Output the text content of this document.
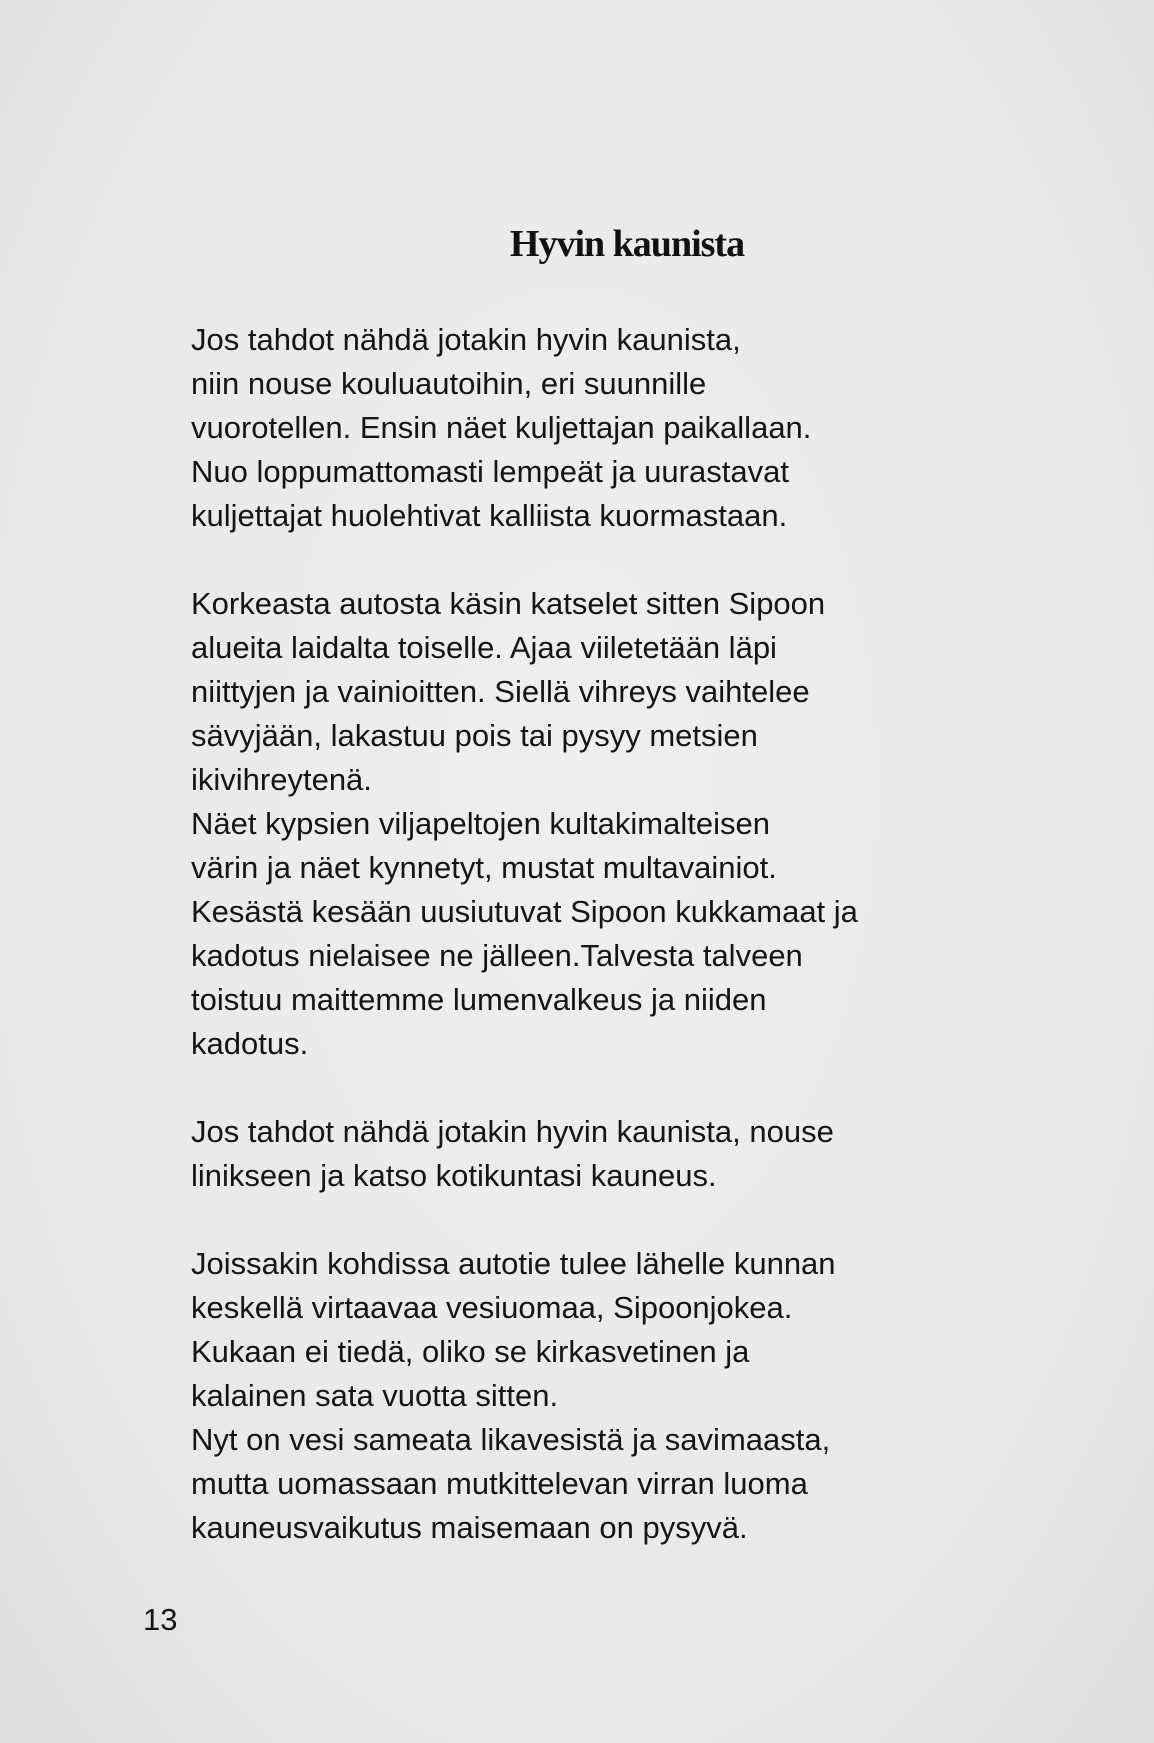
Hyvin kaunista
Jos tahdot nähdä jotakin hyvin kaunista,
niin nouse kouluautoihin, eri suunnille
vuorotellen. Ensin näet kuljettajan paikallaan.
Nuo loppumattomasti lempeät ja uurastavat
kuljettajat huolehtivat kalliista kuormastaan.
Korkeasta autosta käsin katselet sitten Sipoon
alueita laidalta toiselle. Ajaa viiletetään läpi
niittyjen ja vainioitten. Siellä vihreys vaihtelee
sävyjään, lakastuu pois tai pysyy metsien
ikivihreytenä.
Näet kypsien viljapeltojen kultakimalteisen
värin ja näet kynnetyt, mustat multavainiot.
Kesästä kesään uusiutuvat Sipoon kukkamaat ja
kadotus nielaisee ne jälleen.Talvesta talveen
toistuu maittemme lumenvalkeus ja niiden
kadotus.
Jos tahdot nähdä jotakin hyvin kaunista, nouse
linikseen ja katso kotikuntasi kauneus.
Joissakin kohdissa autotie tulee lähelle kunnan
keskellä virtaavaa vesiuomaa, Sipoonjokea.
Kukaan ei tiedä, oliko se kirkasvetinen ja
kalainen sata vuotta sitten.
Nyt on vesi sameata likavesistä ja savimaasta,
mutta uomassaan mutkittelevan virran luoma
kauneusvaikutus maisemaan on pysyvä.
13
